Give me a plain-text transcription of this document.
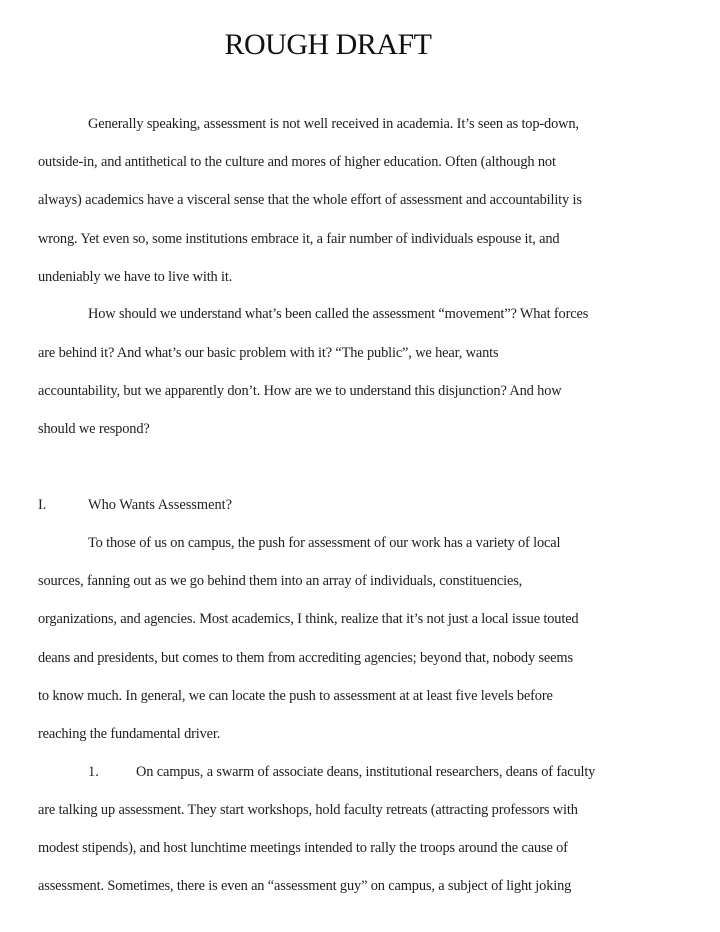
ROUGH DRAFT
Generally speaking, assessment is not well received in academia. It’s seen as top-down,
outside-in, and antithetical to the culture and mores of higher education. Often (although not
always) academics have a visceral sense that the whole effort of assessment and accountability is
wrong. Yet even so, some institutions embrace it, a fair number of individuals espouse it, and
undeniably we have to live with it.
How should we understand what’s been called the assessment “movement”? What forces
are behind it? And what’s our basic problem with it? “The public”, we hear, wants
accountability, but we apparently don’t. How are we to understand this disjunction? And how
should we respond?
I.	Who Wants Assessment?
To those of us on campus, the push for assessment of our work has a variety of local
sources, fanning out as we go behind them into an array of individuals, constituencies,
organizations, and agencies. Most academics, I think, realize that it’s not just a local issue touted
deans and presidents, but comes to them from accrediting agencies; beyond that, nobody seems
to know much. In general, we can locate the push to assessment at at least five levels before
reaching the fundamental driver.
1.	On campus, a swarm of associate deans, institutional researchers, deans of faculty
are talking up assessment. They start workshops, hold faculty retreats (attracting professors with
modest stipends), and host lunchtime meetings intended to rally the troops around the cause of
assessment. Sometimes, there is even an “assessment guy” on campus, a subject of light joking
